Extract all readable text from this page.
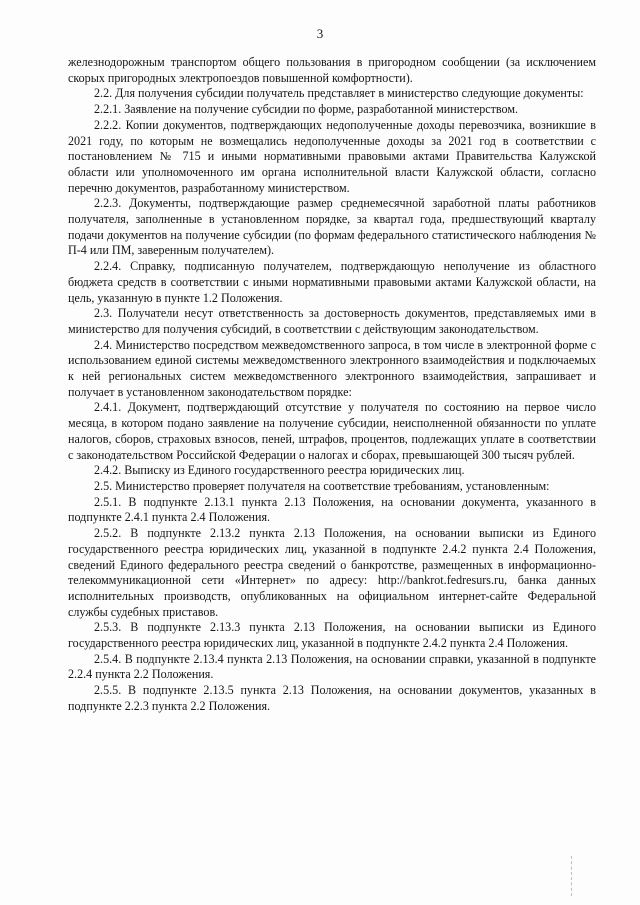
3

железнодорожным транспортом общего пользования в пригородном сообщении (за исключением скорых пригородных электропоездов повышенной комфортности).

2.2. Для получения субсидии получатель представляет в министерство следующие документы:

2.2.1. Заявление на получение субсидии по форме, разработанной министерством.

2.2.2. Копии документов, подтверждающих недополученные доходы перевозчика, возникшие в 2021 году, по которым не возмещались недополученные доходы за 2021 год в соответствии с постановлением № 715 и иными нормативными правовыми актами Правительства Калужской области или уполномоченного им органа исполнительной власти Калужской области, согласно перечню документов, разработанному министерством.

2.2.3. Документы, подтверждающие размер среднемесячной заработной платы работников получателя, заполненные в установленном порядке, за квартал года, предшествующий кварталу подачи документов на получение субсидии (по формам федерального статистического наблюдения № П-4 или ПМ, заверенным получателем).

2.2.4. Справку, подписанную получателем, подтверждающую неполучение из областного бюджета средств в соответствии с иными нормативными правовыми актами Калужской области, на цель, указанную в пункте 1.2 Положения.

2.3. Получатели несут ответственность за достоверность документов, представляемых ими в министерство для получения субсидий, в соответствии с действующим законодательством.

2.4. Министерство посредством межведомственного запроса, в том числе в электронной форме с использованием единой системы межведомственного электронного взаимодействия и подключаемых к ней региональных систем межведомственного электронного взаимодействия, запрашивает и получает в установленном законодательством порядке:

2.4.1. Документ, подтверждающий отсутствие у получателя по состоянию на первое число месяца, в котором подано заявление на получение субсидии, неисполненной обязанности по уплате налогов, сборов, страховых взносов, пеней, штрафов, процентов, подлежащих уплате в соответствии с законодательством Российской Федерации о налогах и сборах, превышающей 300 тысяч рублей.

2.4.2. Выписку из Единого государственного реестра юридических лиц.

2.5. Министерство проверяет получателя на соответствие требованиям, установленным:

2.5.1. В подпункте 2.13.1 пункта 2.13 Положения, на основании документа, указанного в подпункте 2.4.1 пункта 2.4 Положения.

2.5.2. В подпункте 2.13.2 пункта 2.13 Положения, на основании выписки из Единого государственного реестра юридических лиц, указанной в подпункте 2.4.2 пункта 2.4 Положения, сведений Единого федерального реестра сведений о банкротстве, размещенных в информационно-телекоммуникационной сети «Интернет» по адресу: http://bankrot.fedresurs.ru, банка данных исполнительных производств, опубликованных на официальном интернет-сайте Федеральной службы судебных приставов.

2.5.3. В подпункте 2.13.3 пункта 2.13 Положения, на основании выписки из Единого государственного реестра юридических лиц, указанной в подпункте 2.4.2 пункта 2.4 Положения.

2.5.4. В подпункте 2.13.4 пункта 2.13 Положения, на основании справки, указанной в подпункте 2.2.4 пункта 2.2 Положения.

2.5.5. В подпункте 2.13.5 пункта 2.13 Положения, на основании документов, указанных в подпункте 2.2.3 пункта 2.2 Положения.
